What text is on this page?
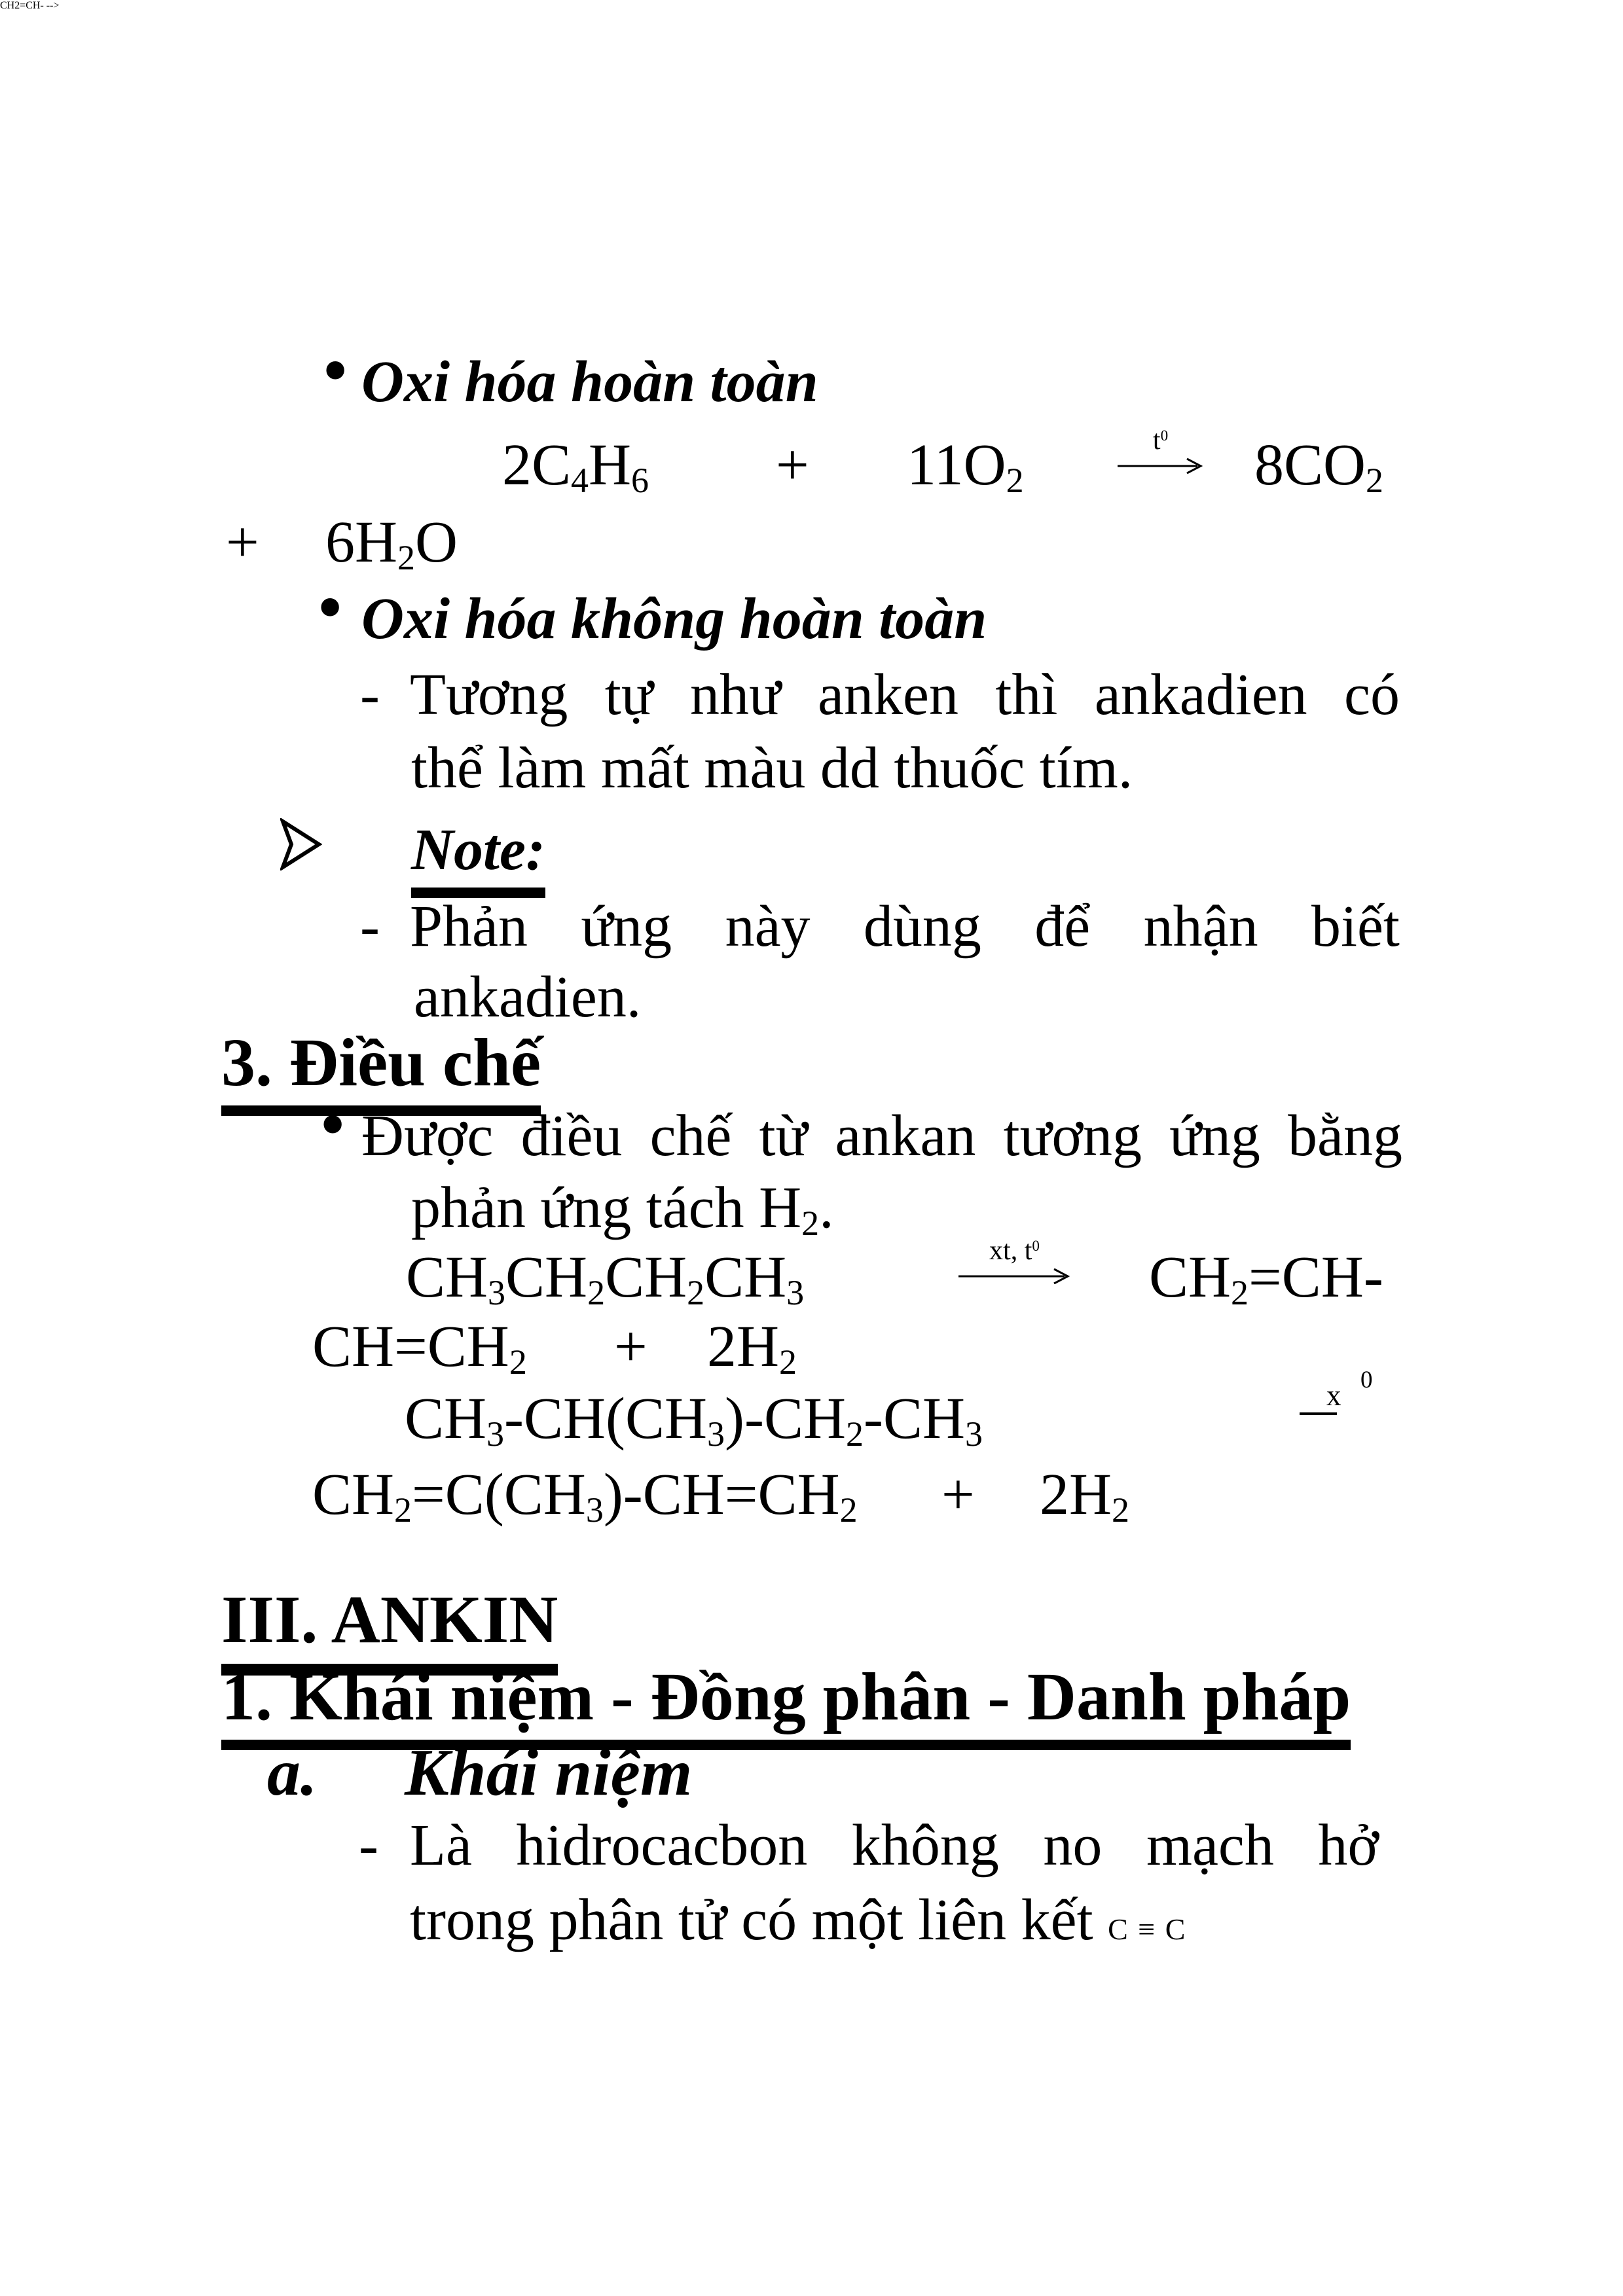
• Oxi hóa hoàn toàn
$2C_4H_6 + 11O_2$
$t^0$	$8CO_2$
+ $6H_2O$
• Oxi hóa không hoàn toàn
- Tương tự như anken thì ankadien có
thể làm mất màu dd thuốc tím.
Note:
- Phản ứng này dùng để nhận biết
ankadien.
3. Điều chế
• Được điều chế từ ankan tương ứng bằng
phản ứng tách $H_2$.
CH2=CH- -->
$CH_3CH_2CH_2CH_3$
xt, $t^0$	$CH_2=CH-$
$CH=CH_2 + 2H_2$
$CH_3-CH(CH_3)-CH_2-CH_3$
x 0
$CH_2=C(CH_3)-CH=CH_2 + 2H_2$
III. ANKIN
1. Khái niệm - Đồng phân - Danh pháp
a. Khái niệm
- Là hidrocacbon không no mạch hở
trong phân tử có một liên kết C ≡ C
